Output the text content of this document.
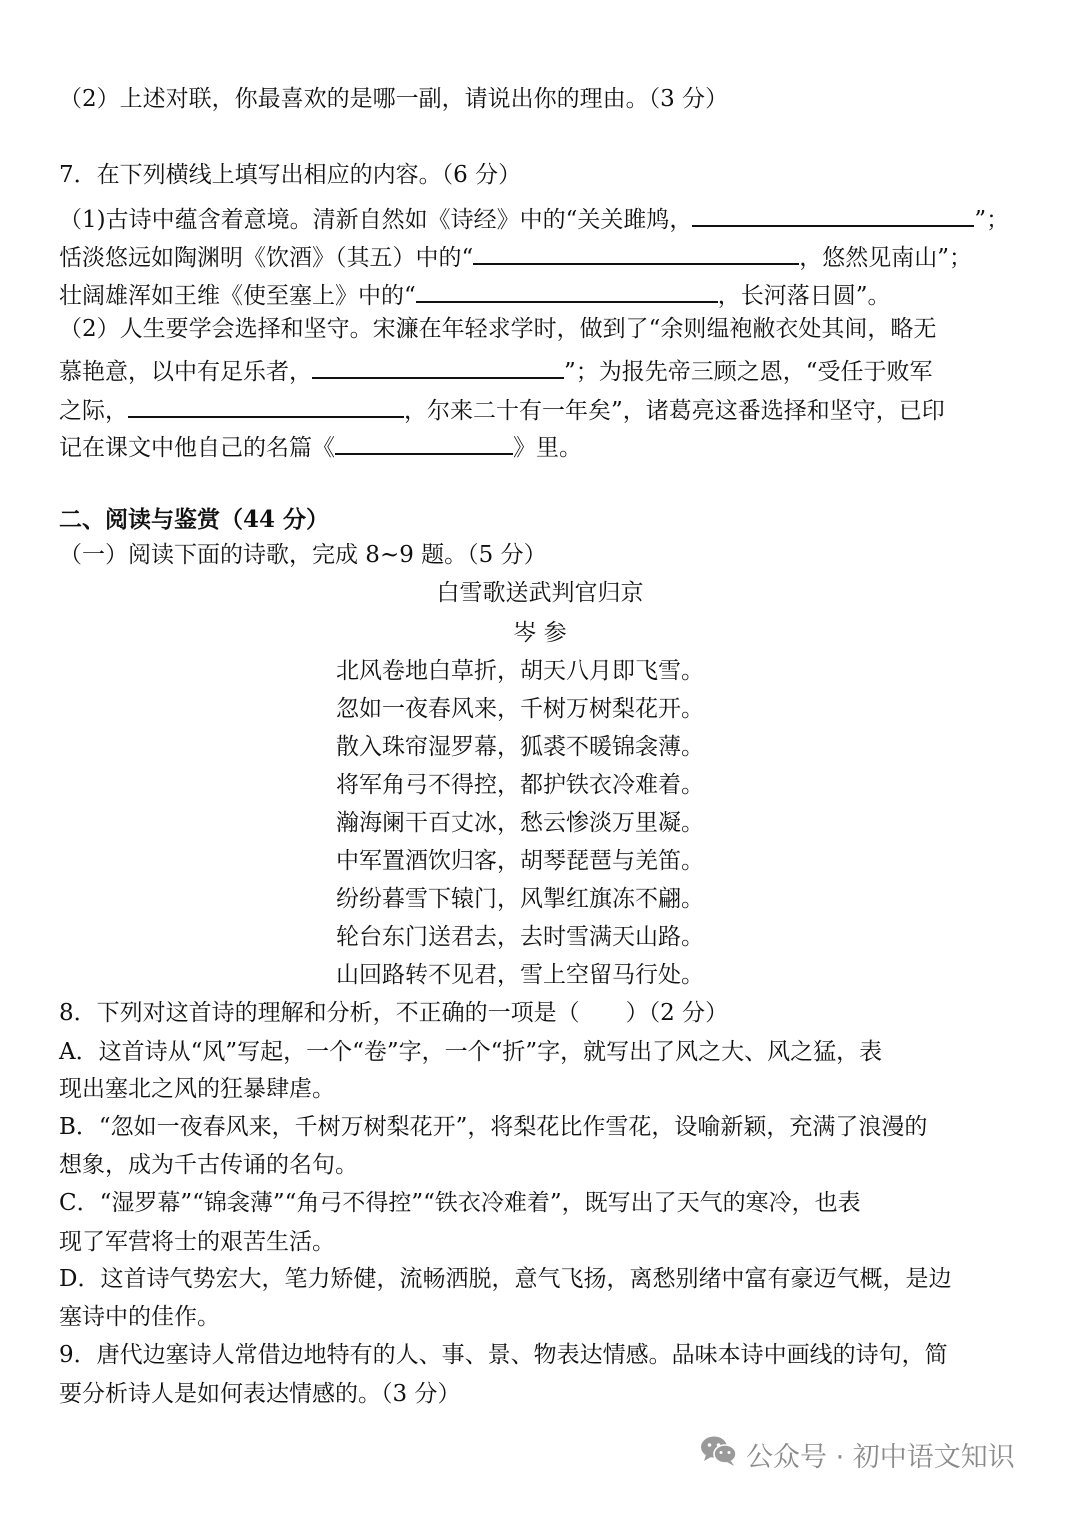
（2）上述对联，你最喜欢的是哪一副，请说出你的理由。（3 分）
7．在下列横线上填写出相应的内容。（6 分）
（1)古诗中蕴含着意境。清新自然如《诗经》中的“关关雎鸠，	”；
恬淡悠远如陶渊明《饮酒》（其五）中的“	，悠然见南山”；
壮阔雄浑如王维《使至塞上》中的“	，长河落日圆”。
（2）人生要学会选择和坚守。宋濂在年轻求学时，做到了“余则缊袍敝衣处其间，略无
慕艳意，以中有足乐者，	”；为报先帝三顾之恩，“受任于败军
之际，	，尔来二十有一年矣”，诸葛亮这番选择和坚守，已印
记在课文中他自己的名篇《	》里。
二、阅读与鉴赏（44 分）
（一）阅读下面的诗歌，完成 8~9 题。（5 分）
白雪歌送武判官归京
岑 参
北风卷地白草折，胡天八月即飞雪。
忽如一夜春风来，千树万树梨花开。
散入珠帘湿罗幕，狐裘不暖锦衾薄。
将军角弓不得控，都护铁衣冷难着。
瀚海阑干百丈冰，愁云惨淡万里凝。
中军置酒饮归客，胡琴琵琶与羌笛。
纷纷暮雪下辕门，风掣红旗冻不翩。
轮台东门送君去，去时雪满天山路。
山回路转不见君，雪上空留马行处。
8．下列对这首诗的理解和分析，不正确的一项是（　　）（2 分）
A．这首诗从“风”写起，一个“卷”字，一个“折”字，就写出了风之大、风之猛，表
现出塞北之风的狂暴肆虐。
B．“忽如一夜春风来，千树万树梨花开”，将梨花比作雪花，设喻新颖，充满了浪漫的
想象，成为千古传诵的名句。
C．“湿罗幕”“锦衾薄”“角弓不得控”“铁衣冷难着”，既写出了天气的寒冷，也表
现了军营将士的艰苦生活。
D．这首诗气势宏大，笔力矫健，流畅洒脱，意气飞扬，离愁别绪中富有豪迈气概，是边
塞诗中的佳作。
9．唐代边塞诗人常借边地特有的人、事、景、物表达情感。品味本诗中画线的诗句，简
要分析诗人是如何表达情感的。（3 分）
公众号 · 初中语文知识
